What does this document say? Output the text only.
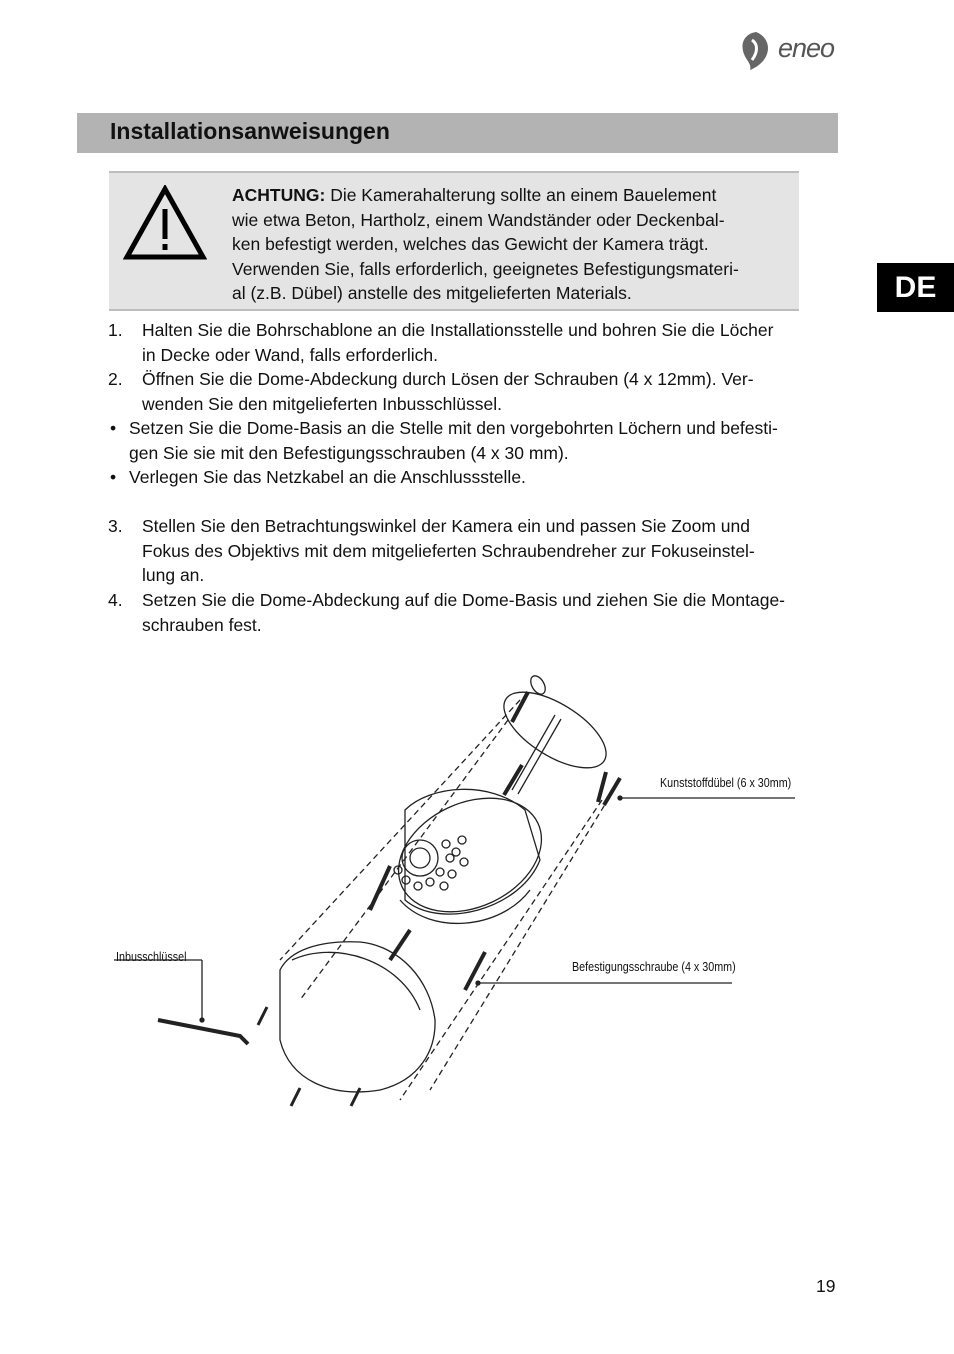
eneo
Installationsanweisungen
DE
ACHTUNG: Die Kamerahalterung sollte an einem Bauelement
wie etwa Beton, Hartholz, einem Wandständer oder Deckenbal-
ken befestigt werden, welches das Gewicht der Kamera trägt.
Verwenden Sie, falls erforderlich, geeignetes Befestigungsmateri-
al (z.B. Dübel) anstelle des mitgelieferten Materials.
1. Halten Sie die Bohrschablone an die Installationsstelle und bohren Sie die Löcher
in Decke oder Wand, falls erforderlich.
2. Öffnen Sie die Dome-Abdeckung durch Lösen der Schrauben (4 x 12mm). Ver-
wenden Sie den mitgelieferten Inbusschlüssel.
• Setzen Sie die Dome-Basis an die Stelle mit den vorgebohrten Löchern und befesti-
gen Sie sie mit den Befestigungsschrauben (4 x 30 mm).
• Verlegen Sie das Netzkabel an die Anschlussstelle.
3. Stellen Sie den Betrachtungswinkel der Kamera ein und passen Sie Zoom und
Fokus des Objektivs mit dem mitgelieferten Schraubendreher zur Fokuseinstel-
lung an.
4. Setzen Sie die Dome-Abdeckung auf die Dome-Basis und ziehen Sie die Montage-
schrauben fest.
Kunststoffdübel (6 x 30mm)
Inbusschlüssel
Befestigungsschraube (4 x 30mm)
19
